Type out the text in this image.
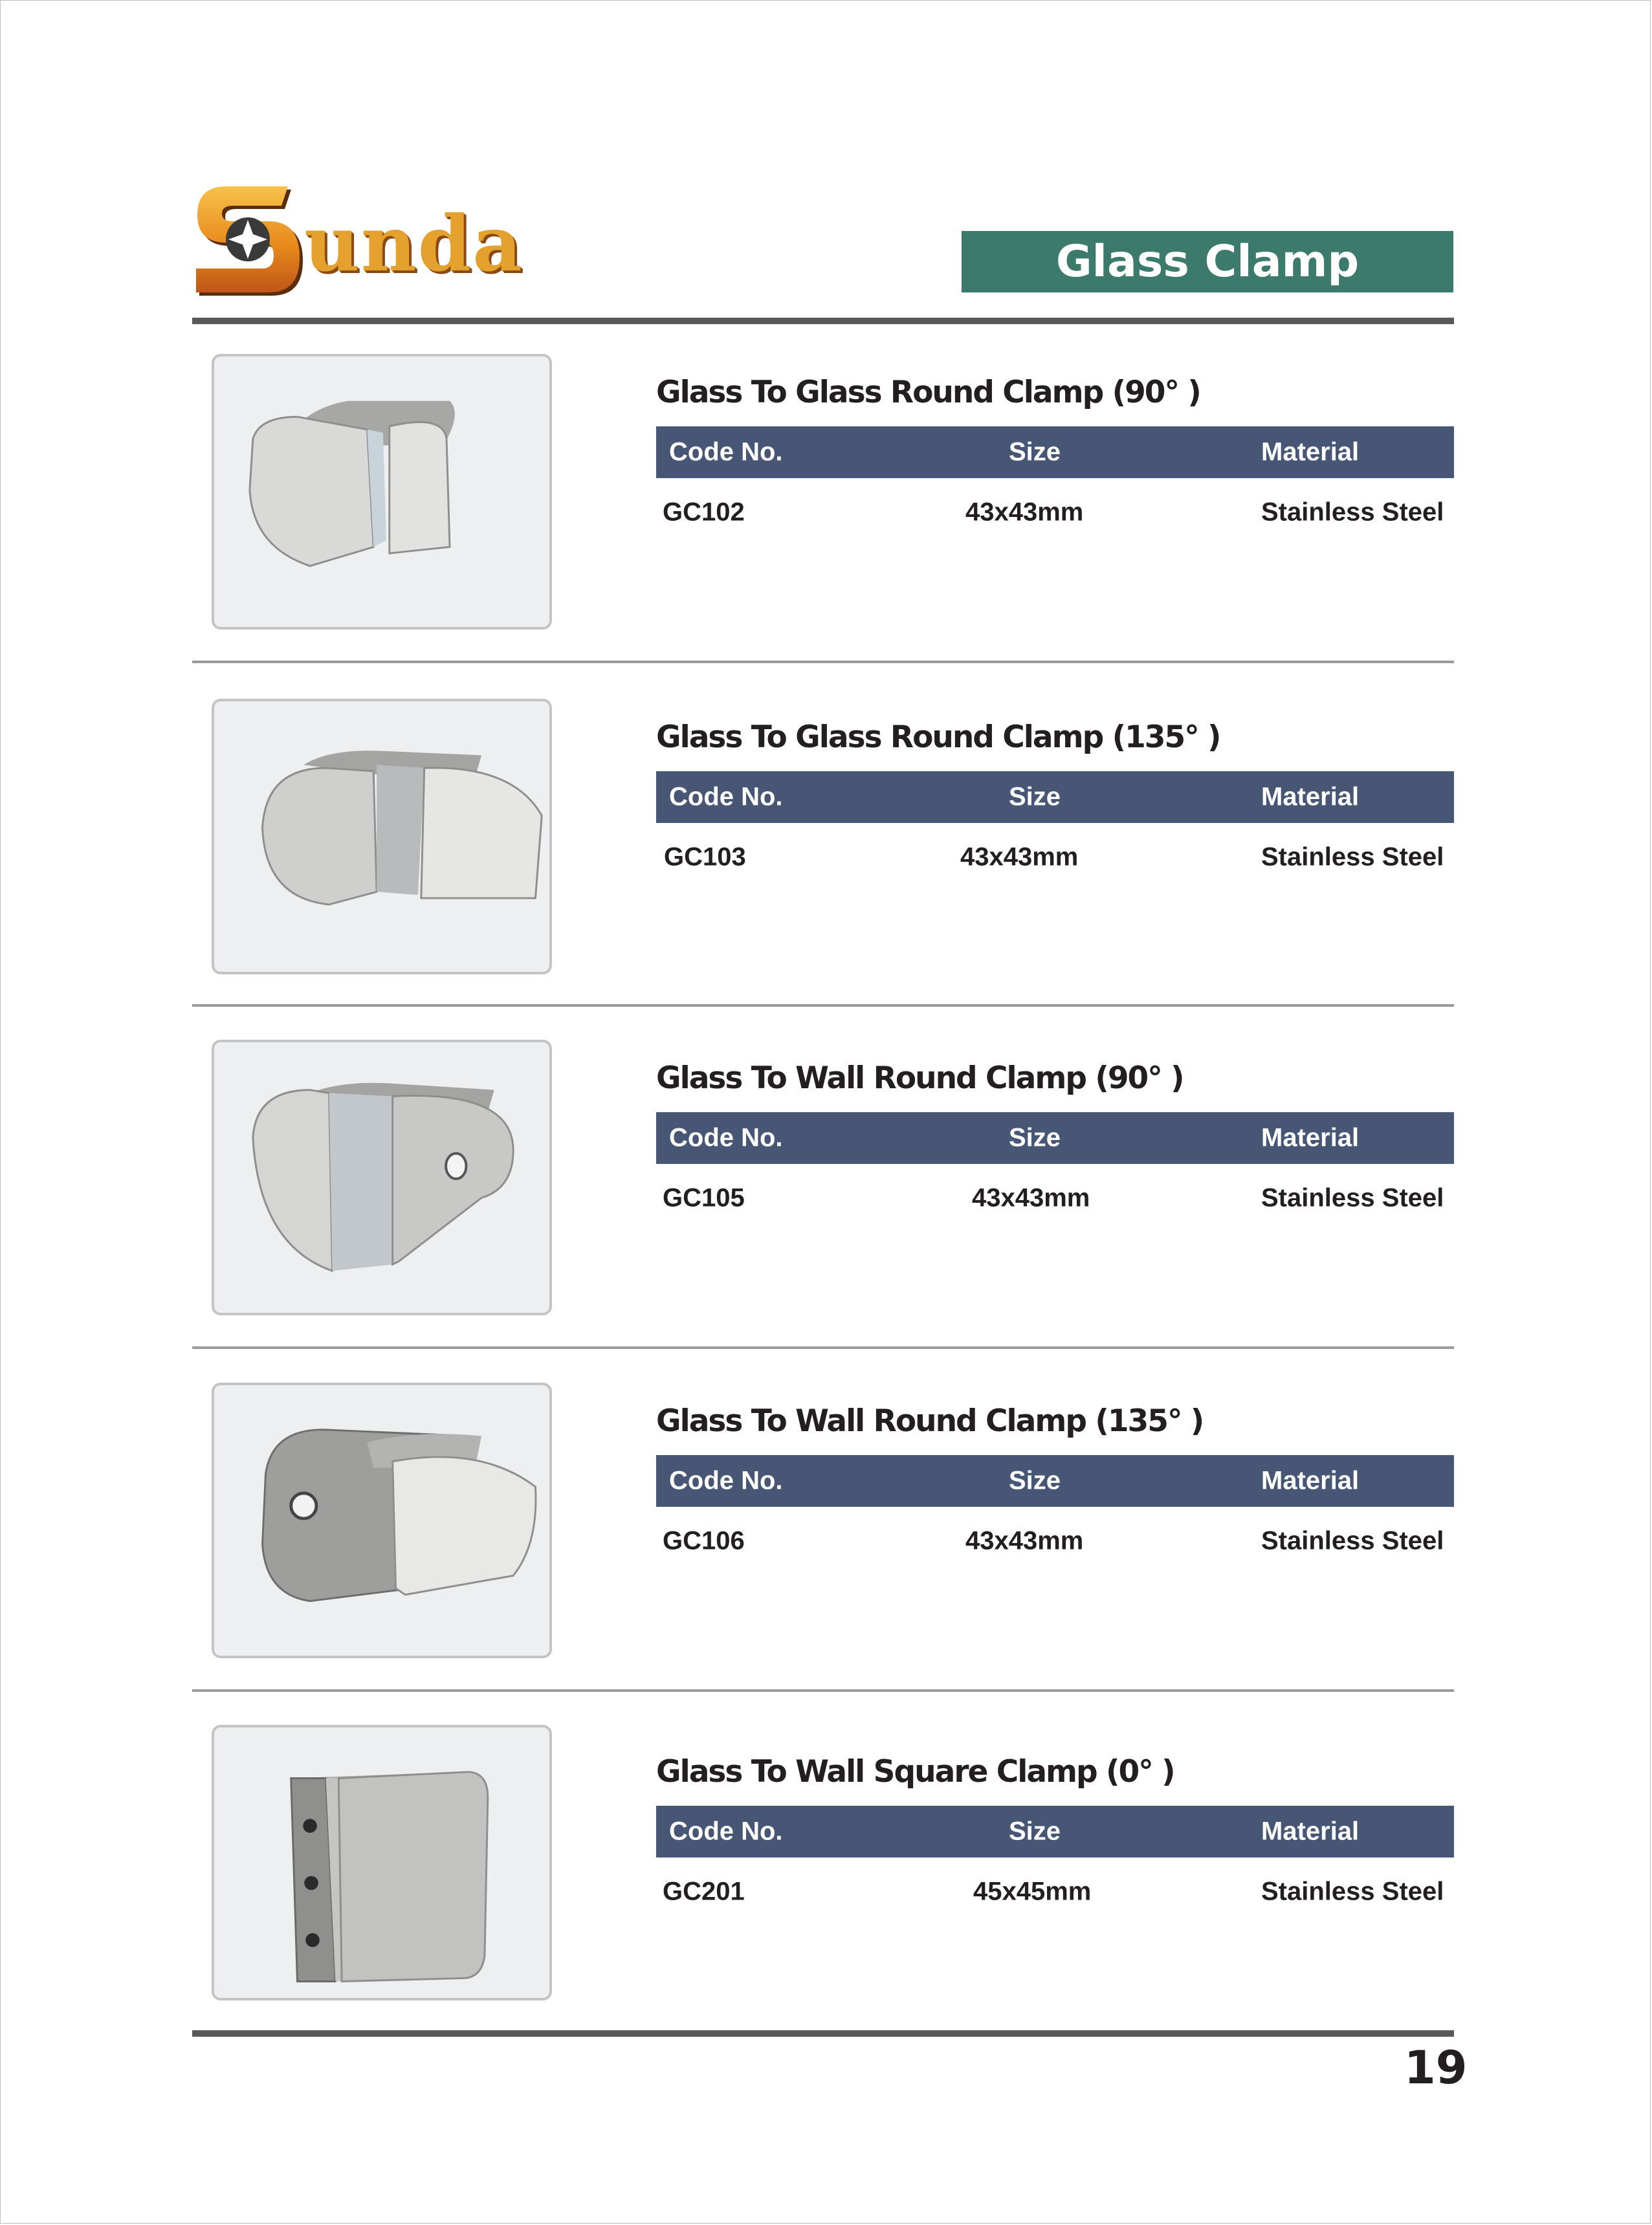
unda	Glass Clamp
Glass To Glass Round Clamp (90° )
Code No.	Size	Material
GC102	43x43mm	Stainless Steel
Glass To Glass Round Clamp (135° )
Code No.	Size	Material
GC103	43x43mm	Stainless Steel
Glass To Wall Round Clamp (90° )
Code No.	Size	Material
GC105	43x43mm	Stainless Steel
Glass To Wall Round Clamp (135° )
Code No.	Size	Material
GC106	43x43mm	Stainless Steel
Glass To Wall Square Clamp (0° )
Code No.	Size	Material
GC201	45x45mm	Stainless Steel
19
